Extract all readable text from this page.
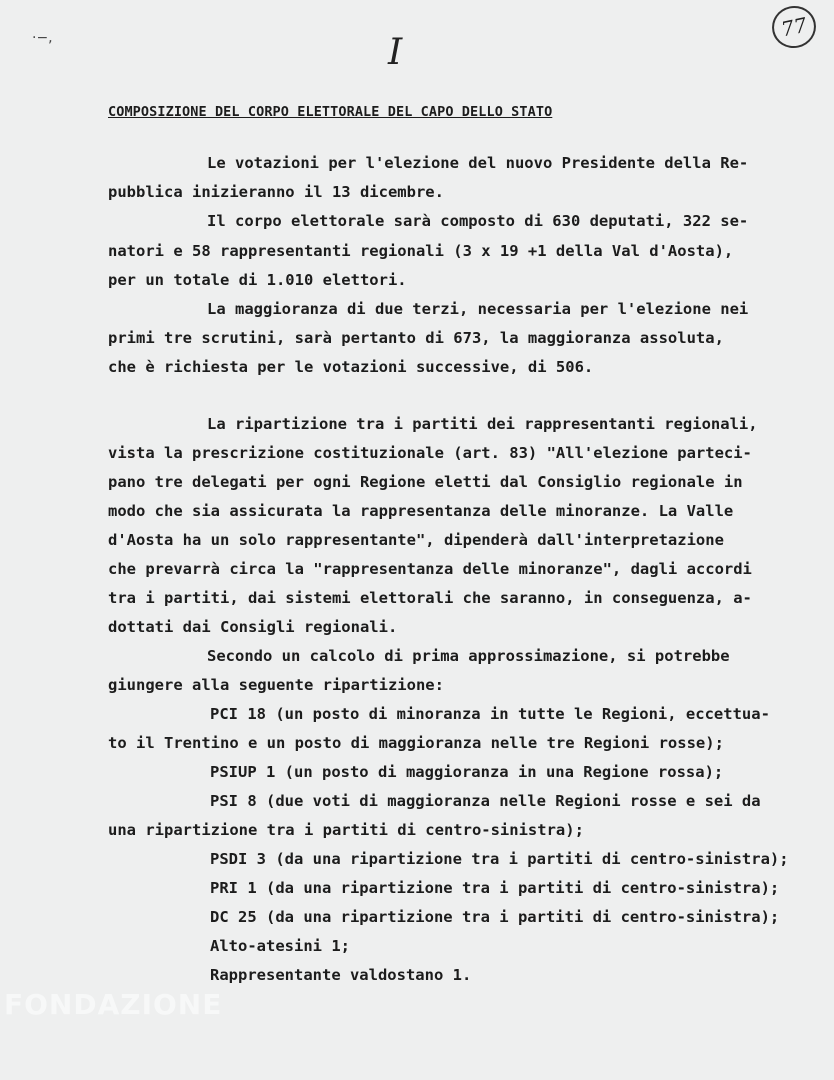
·−,	77
I
COMPOSIZIONE DEL CORPO ELETTORALE DEL CAPO DELLO STATO
Le votazioni per l'elezione del nuovo Presidente della Re-
pubblica inizieranno il 13 dicembre.
Il corpo elettorale sarà composto di 630 deputati, 322 se-
natori e 58 rappresentanti regionali (3 x 19 +1 della Val d'Aosta),
per un totale di 1.010 elettori.
La maggioranza di due terzi, necessaria per l'elezione nei
primi tre scrutini, sarà pertanto di 673, la maggioranza assoluta,
che è richiesta per le votazioni successive, di 506.
La ripartizione tra i partiti dei rappresentanti regionali,
vista la prescrizione costituzionale (art. 83) "All'elezione parteci-
pano tre delegati per ogni Regione eletti dal Consiglio regionale in
modo che sia assicurata la rappresentanza delle minoranze. La Valle
d'Aosta ha un solo rappresentante", dipenderà dall'interpretazione
che prevarrà circa la "rappresentanza delle minoranze", dagli accordi
tra i partiti, dai sistemi elettorali che saranno, in conseguenza, a-
dottati dai Consigli regionali.
Secondo un calcolo di prima approssimazione, si potrebbe
giungere alla seguente ripartizione:
PCI 18 (un posto di minoranza in tutte le Regioni, eccettua-
to il Trentino e un posto di maggioranza nelle tre Regioni rosse);
PSIUP 1 (un posto di maggioranza in una Regione rossa);
PSI 8 (due voti di maggioranza nelle Regioni rosse e sei da
una ripartizione tra i partiti di centro-sinistra);
PSDI 3 (da una ripartizione tra i partiti di centro-sinistra);
PRI 1 (da una ripartizione tra i partiti di centro-sinistra);
DC 25 (da una ripartizione tra i partiti di centro-sinistra);
Alto-atesini 1;
Rappresentante valdostano 1.
FONDAZIONE
